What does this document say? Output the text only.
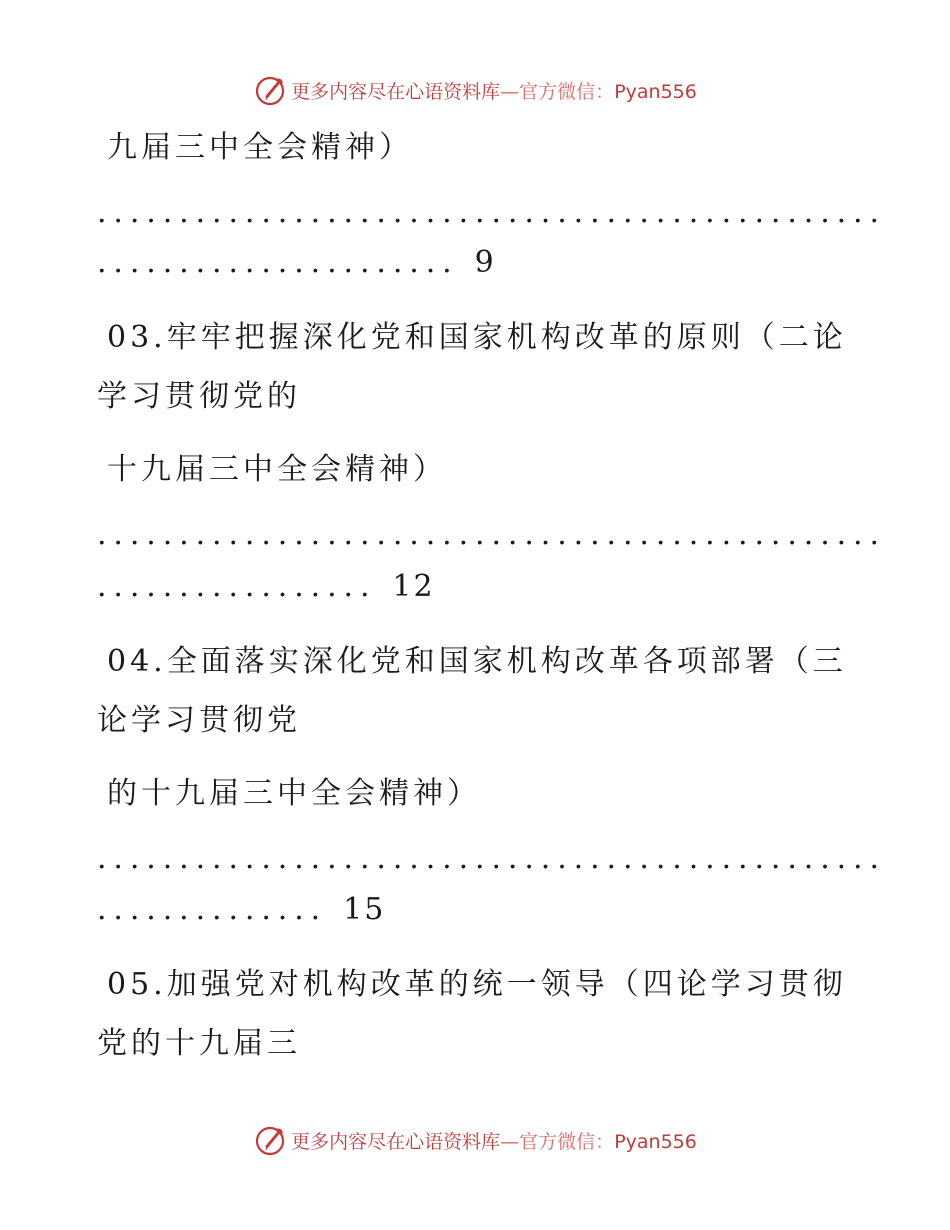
更多内容尽在心语资料库—官方微信：Pyan556
九届三中全会精神）
................................................
...................... 9
03.牢牢把握深化党和国家机构改革的原则（二论
学习贯彻党的
十九届三中全会精神）
................................................
................. 12
04.全面落实深化党和国家机构改革各项部署（三
论学习贯彻党
的十九届三中全会精神）
................................................
.............. 15
05.加强党对机构改革的统一领导（四论学习贯彻
党的十九届三
更多内容尽在心语资料库—官方微信：Pyan556
